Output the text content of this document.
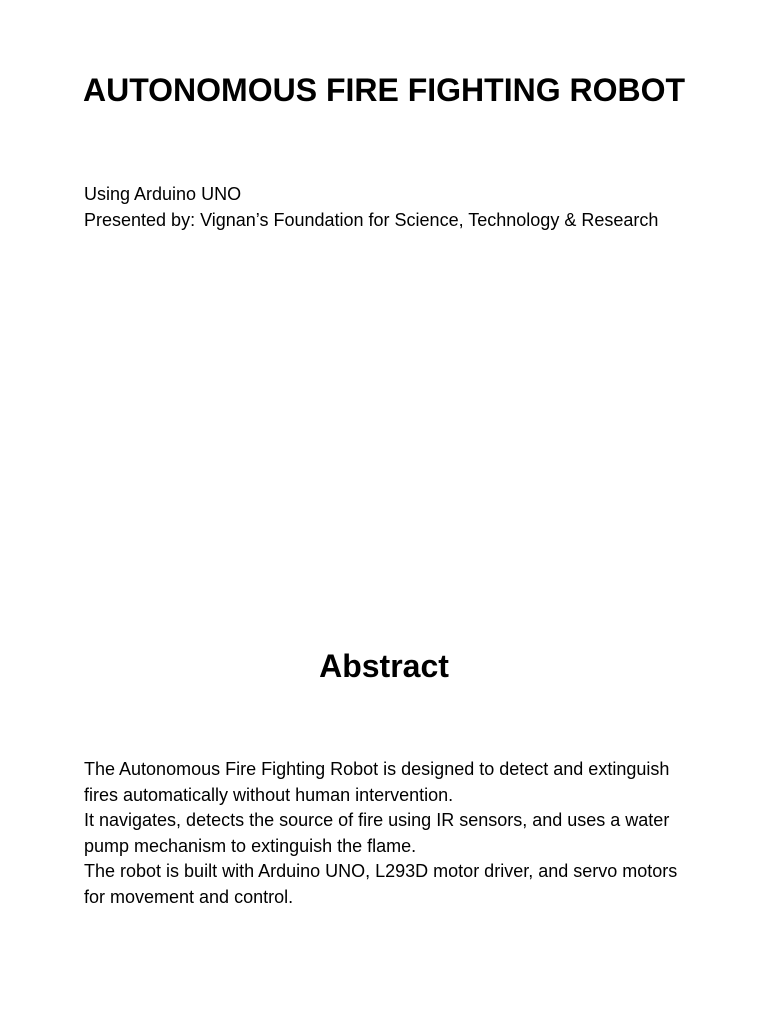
AUTONOMOUS FIRE FIGHTING ROBOT

Using Arduino UNO

Presented by: Vignan’s Foundation for Science, Technology & Research

Abstract

The Autonomous Fire Fighting Robot is designed to detect and extinguish fires automatically without human intervention.

It navigates, detects the source of fire using IR sensors, and uses a water pump mechanism to extinguish the flame.

The robot is built with Arduino UNO, L293D motor driver, and servo motors for movement and control.
